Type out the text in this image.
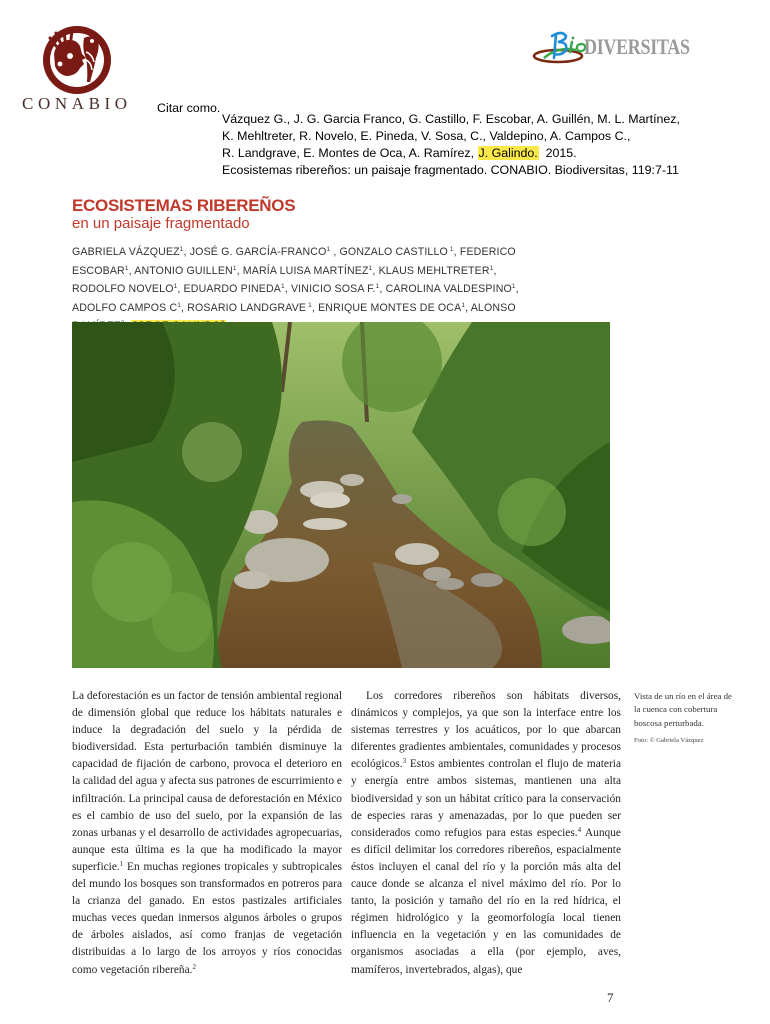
CONABIO
DIVERSITAS
Citar como.
Vázquez G., J. G. Garcia Franco, G. Castillo, F. Escobar, A. Guillén, M. L. Martínez,
K. Mehltreter, R. Novelo, E. Pineda, V. Sosa, C., Valdepino, A. Campos C.,
R. Landgrave, E. Montes de Oca, A. Ramírez, J. Galindo.  2015.
Ecosistemas ribereños: un paisaje fragmentado. CONABIO. Biodiversitas, 119:7-11
ECOSISTEMAS RIBEREÑOS
en un paisaje fragmentado
GABRIELA VÁZQUEZ$^1$, JOSÉ G. GARCÍA-FRANCO$^1$ , GONZALO CASTILLO $^1$, FEDERICO ESCOBAR$^1$, ANTONIO GUILLEN$^1$, MARÍA LUISA MARTÍNEZ$^1$, KLAUS MEHLTRETER$^1$, RODOLFO NOVELO$^1$, EDUARDO PINEDA$^1$, VINICIO SOSA F.$^1$, CAROLINA VALDESPINO$^1$, ADOLFO CAMPOS $C^1$, ROSARIO LANDGRAVE $^1$, ENRIQUE MONTES DE OCA$^1$, ALONSO
Vista de un río en el área de la cuenca con cobertura boscosa perturbada.
Foto: © Gabriela Vázquez

La deforestación es un factor de tensión ambiental regional de dimensión global que reduce los hábitats naturales e induce la degradación del suelo y la pérdida de biodiversidad. Esta perturbación también disminuye la capacidad de fijación de carbono, provoca el deterioro en la calidad del agua y afecta sus patrones de escurrimiento e infiltración. La principal causa de deforestación en México es el cambio de uso del suelo, por la expansión de las zonas urbanas y el desarrollo de actividades agropecuarias, aunque esta última es la que ha modificado la mayor superficie.$^1$ En muchas regiones tropicales y subtropicales del mundo los bosques son transformados en potreros para la crianza del ganado. En estos pastizales artificiales muchas veces quedan inmersos algunos árboles o grupos de árboles aislados, así como franjas de vegetación distribuidas a lo largo de los arroyos y ríos conocidas como vegetación ribereña.$^2$

Los corredores ribereños son hábitats diversos, dinámicos y complejos, ya que son la interface entre los sistemas terrestres y los acuáticos, por lo que abarcan diferentes gradientes ambientales, comunidades y procesos ecológicos.$^3$ Estos ambientes controlan el flujo de materia y energía entre ambos sistemas, mantienen una alta biodiversidad y son un hábitat crítico para la conservación de especies raras y amenazadas, por lo que pueden ser considerados como refugios para estas especies.$^4$ Aunque es difícil delimitar los corredores ribereños, espacialmente éstos incluyen el canal del río y la porción más alta del cauce donde se alcanza el nivel máximo del río. Por lo tanto, la posición y tamaño del río en la red hídrica, el régimen hidrológico y la geomorfología local tienen influencia en la vegetación y en las comunidades de organismos asociadas a ella (por ejemplo, aves, mamíferos, invertebrados, algas), que

7
